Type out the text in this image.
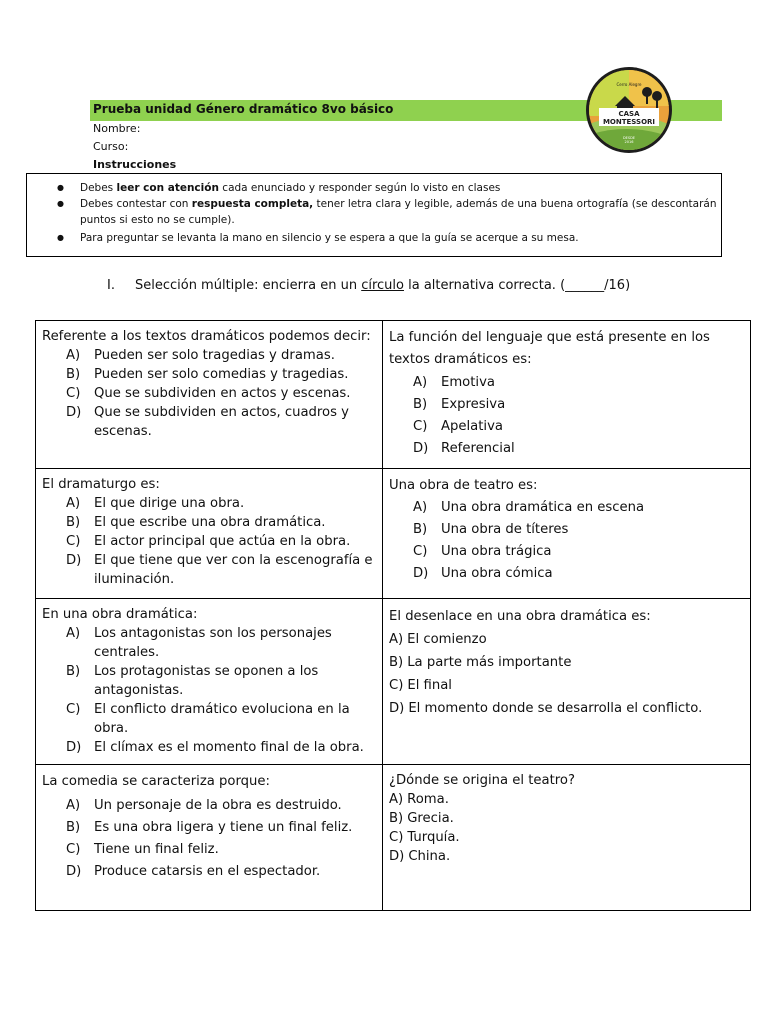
Prueba unidad Género dramático 8vo básico
Nombre:
Curso:
Instrucciones
Cerro Alegre
CASA
MONTESSORI
DESDE
2016
● Debes leer con atención cada enunciado y responder según lo visto en clases
● Debes contestar con respuesta completa, tener letra clara y legible, además de una buena ortografía (se descontarán puntos si esto no se cumple).
● Para preguntar se levanta la mano en silencio y se espera a que la guía se acerque a su mesa.
I. Selección múltiple: encierra en un círculo la alternativa correcta. (______/16)

Referente a los textos dramáticos podemos decir:

A) Pueden ser solo tragedias y dramas.
B) Pueden ser solo comedias y tragedias.
C) Que se subdividen en actos y escenas.
D) Que se subdividen en actos, cuadros y escenas.

La función del lenguaje que está presente en los textos dramáticos es:

A) Emotiva
B) Expresiva
C) Apelativa
D) Referencial

El dramaturgo es:

A) El que dirige una obra.
B) El que escribe una obra dramática.
C) El actor principal que actúa en la obra.
D) El que tiene que ver con la escenografía e iluminación.

Una obra de teatro es:

A) Una obra dramática en escena
B) Una obra de títeres
C) Una obra trágica
D) Una obra cómica

En una obra dramática:

A) Los antagonistas son los personajes centrales.
B) Los protagonistas se oponen a los antagonistas.
C) El conflicto dramático evoluciona en la obra.
D) El clímax es el momento final de la obra.

El desenlace en una obra dramática es:

A) El comienzo
B) La parte más importante
C) El final
D) El momento donde se desarrolla el conflicto.

La comedia se caracteriza porque:

A) Un personaje de la obra es destruido.
B) Es una obra ligera y tiene un final feliz.
C) Tiene un final feliz.
D) Produce catarsis en el espectador.

¿Dónde se origina el teatro?

A) Roma.
B) Grecia.
C) Turquía.
D) China.
